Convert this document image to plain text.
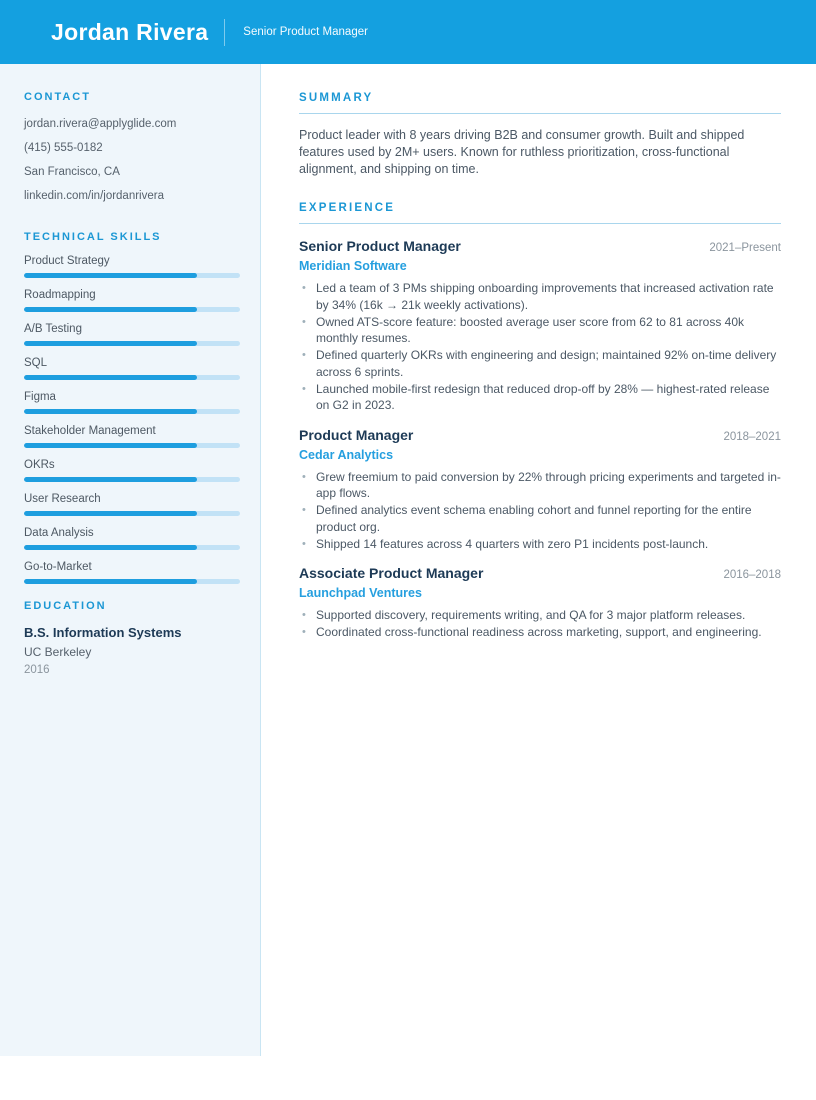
Jordan Rivera	Senior Product Manager
CONTACT
jordan.rivera@applyglide.com
(415) 555-0182
San Francisco, CA
linkedin.com/in/jordanrivera
TECHNICAL SKILLS
Product Strategy
Roadmapping
A/B Testing
SQL
Figma
Stakeholder Management
OKRs
User Research
Data Analysis
Go-to-Market
EDUCATION
B.S. Information Systems
UC Berkeley
2016
SUMMARY

Product leader with 8 years driving B2B and consumer growth. Built and shipped features used by 2M+ users. Known for ruthless prioritization, cross-functional alignment, and shipping on time.

EXPERIENCE
Senior Product Manager	2021–Present
Meridian Software
• Led a team of 3 PMs shipping onboarding improvements that increased activation rate by 34% (16k → 21k weekly activations).
• Owned ATS-score feature: boosted average user score from 62 to 81 across 40k monthly resumes.
• Defined quarterly OKRs with engineering and design; maintained 92% on-time delivery across 6 sprints.
• Launched mobile-first redesign that reduced drop-off by 28% — highest-rated release on G2 in 2023.
Product Manager	2018–2021
Cedar Analytics
• Grew freemium to paid conversion by 22% through pricing experiments and targeted in-app flows.
• Defined analytics event schema enabling cohort and funnel reporting for the entire product org.
• Shipped 14 features across 4 quarters with zero P1 incidents post-launch.
Associate Product Manager	2016–2018
Launchpad Ventures
• Supported discovery, requirements writing, and QA for 3 major platform releases.
• Coordinated cross-functional readiness across marketing, support, and engineering.
